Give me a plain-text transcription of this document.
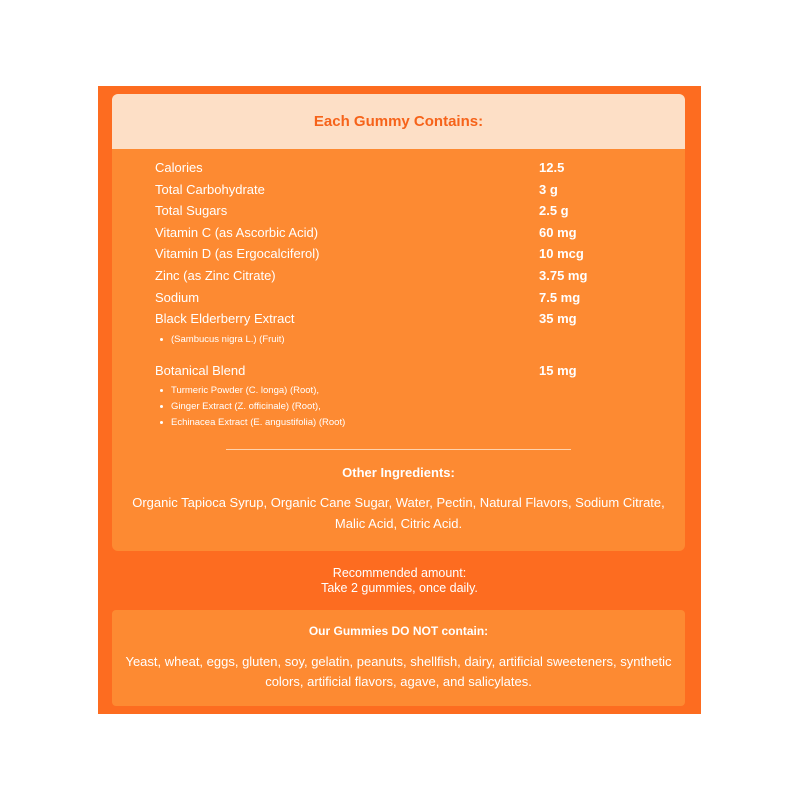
Each Gummy Contains:
Calories	12.5
Total Carbohydrate	3 g
Total Sugars	2.5 g
Vitamin C (as Ascorbic Acid)	60 mg
Vitamin D (as Ergocalciferol)	10 mcg
Zinc (as Zinc Citrate)	3.75 mg
Sodium	7.5 mg
Black Elderberry Extract	35 mg
(Sambucus nigra L.) (Fruit)
Botanical Blend	15 mg
Turmeric Powder (C. longa) (Root),
Ginger Extract (Z. officinale) (Root),
Echinacea Extract (E. angustifolia) (Root)
Other Ingredients:
Organic Tapioca Syrup, Organic Cane Sugar, Water, Pectin, Natural Flavors, Sodium Citrate, Malic Acid, Citric Acid.
Recommended amount:
Take 2 gummies, once daily.
Our Gummies DO NOT contain:
Yeast, wheat, eggs, gluten, soy, gelatin, peanuts, shellfish, dairy, artificial sweeteners, synthetic colors, artificial flavors, agave, and salicylates.
